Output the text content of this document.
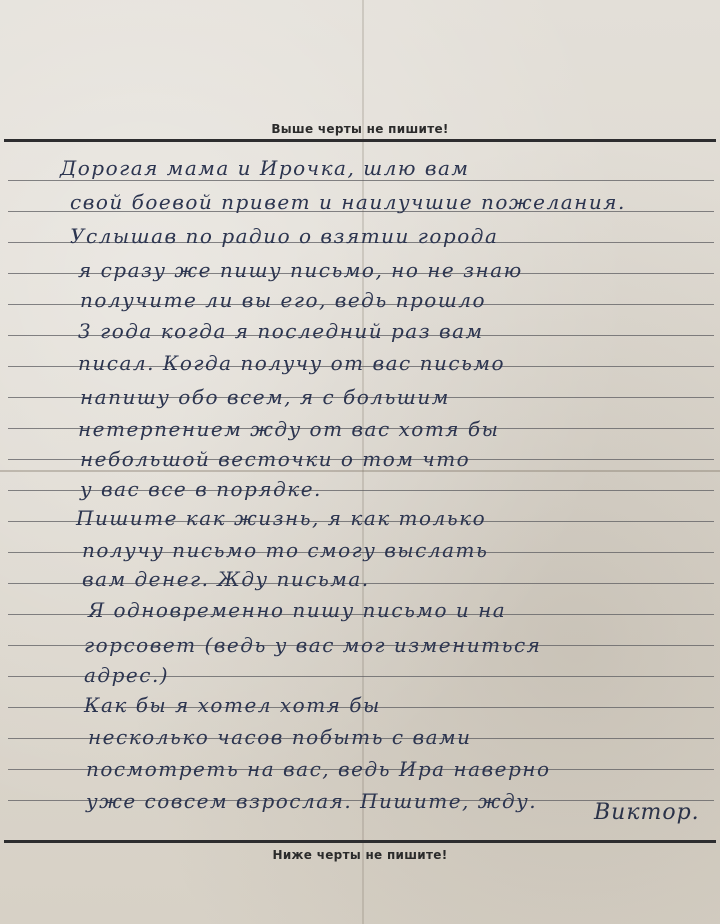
Выше черты не пишите!
Дорогая мама и Ирочка, шлю вам
свой боевой привет и наилучшие пожелания.
Услышав по радио о взятии города
я сразу же пишу письмо, но не знаю
получите ли вы его, ведь прошло
3 года когда я последний раз вам
писал. Когда получу от вас письмо
напишу обо всем, я с большим
нетерпением жду от вас хотя бы
небольшой весточки о том что
у вас все в порядке.
Пишите как жизнь, я как только
получу письмо то смогу выслать
вам денег. Жду письма.
Я одновременно пишу письмо и на
горсовет (ведь у вас мог измениться
адрес.)
Как бы я хотел хотя бы
несколько часов побыть с вами
посмотреть на вас, ведь Ира наверно
уже совсем взрослая. Пишите, жду.	Виктор.
Ниже черты не пишите!
